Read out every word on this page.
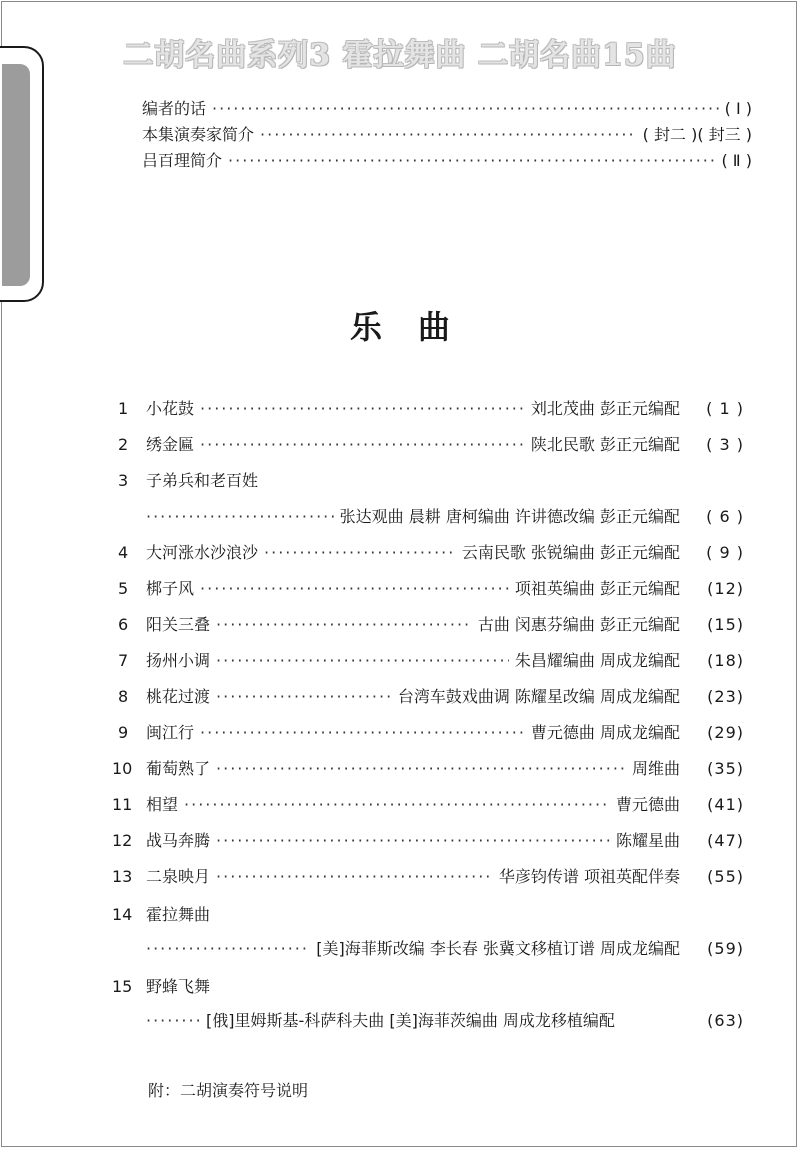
二胡名曲系列3 霍拉舞曲 二胡名曲15曲
编者的话 ·····	( Ⅰ )
本集演奏家简介 ·····	( 封二 )( 封三 )
吕百理简介 ·····	( Ⅱ )
乐曲
1	小花鼓 ·····	刘北茂曲 彭正元编配	( 1 )
2	绣金匾 ·····	陕北民歌 彭正元编配	( 3 )
3	子弟兵和老百姓
·····
张达观曲 晨耕 唐柯编曲 许讲德改编 彭正元编配	( 6 )
4	大河涨水沙浪沙 ·····	云南民歌 张锐编曲 彭正元编配	( 9 )
5	梆子风 ·····	项祖英编曲 彭正元编配	(12)
6	阳关三叠 ·····	古曲 闵惠芬编曲 彭正元编配	(15)
7	扬州小调 ·····	朱昌耀编曲 周成龙编配	(18)
8	桃花过渡 ·····	台湾车鼓戏曲调 陈耀星改编 周成龙编配	(23)
9	闽江行 ·····	曹元德曲 周成龙编配	(29)
10 葡萄熟了 ·····	周维曲	(35)
11 相望 ·····	曹元德曲	(41)
12 战马奔腾 ·····	陈耀星曲	(47)
13 二泉映月 ·····	华彦钧传谱 项祖英配伴奏	(55)
14 霍拉舞曲
·····
[美]海菲斯改编 李长春 张冀文移植订谱 周成龙编配	(59)
15 野蜂飞舞
·····
[俄]里姆斯基-科萨科夫曲 [美]海菲茨编曲 周成龙移植编配	(63)
附：二胡演奏符号说明
